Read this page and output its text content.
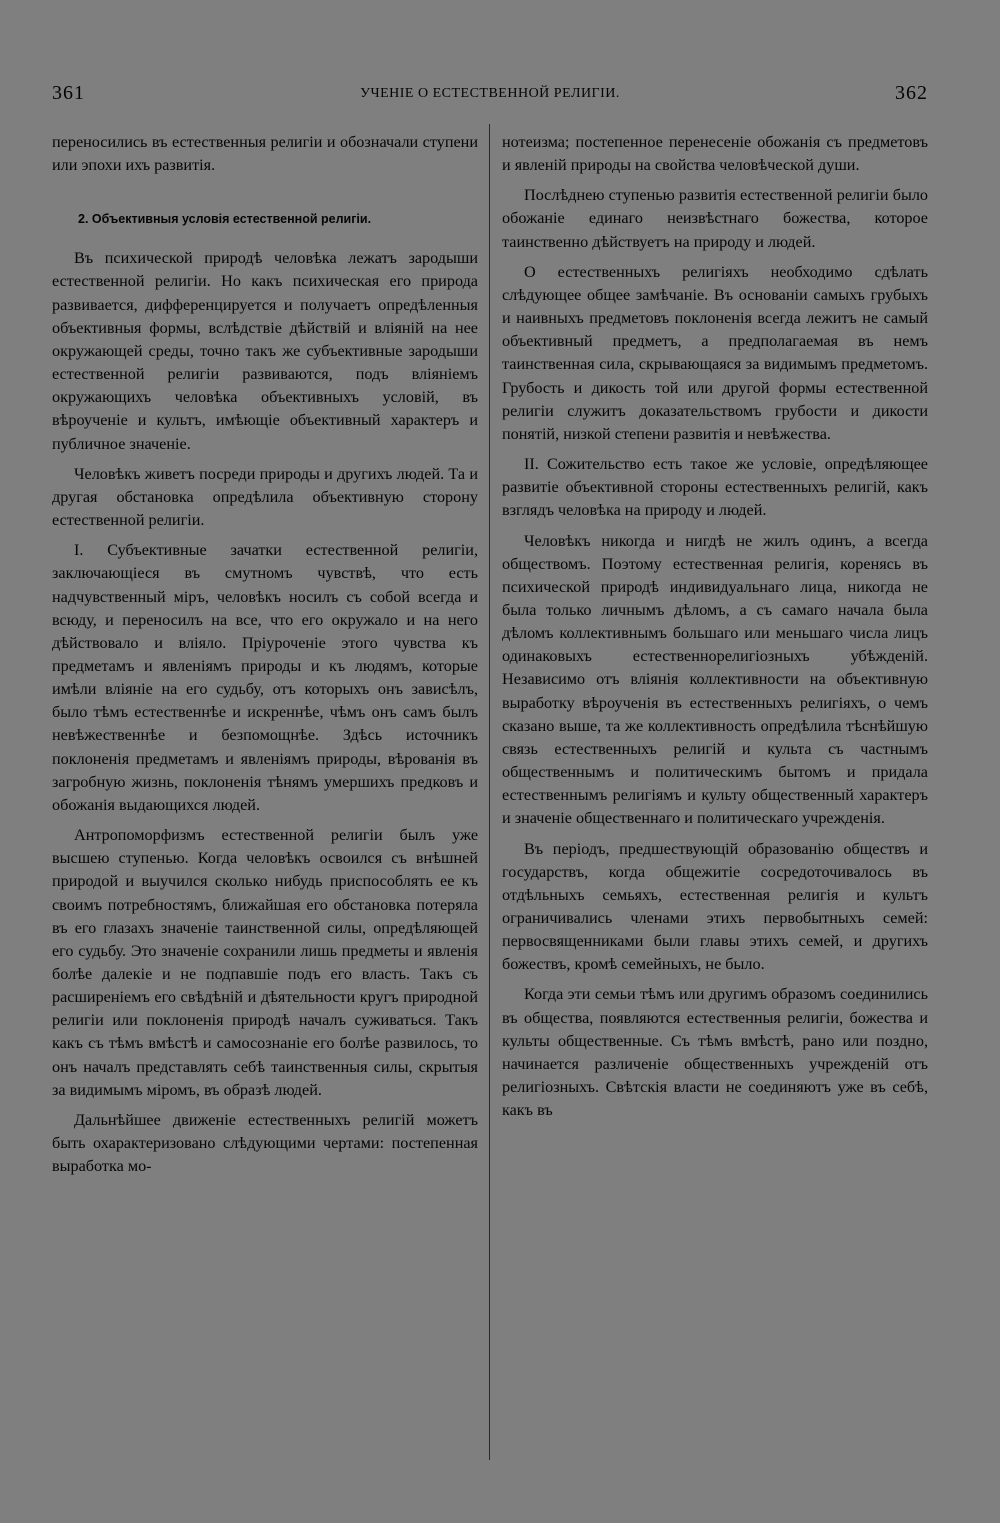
361	УЧЕНІЕ О ЕСТЕСТВЕННОЙ РЕЛИГІИ.	362

переносились въ естественныя религіи и обозначали ступени или эпохи ихъ развитія.

2. Объективныя условія естественной религіи.

Въ психической природѣ человѣка лежатъ зародыши естественной религіи. Но какъ психическая его природа развивается, дифференцируется и получаетъ опредѣленныя объективныя формы, вслѣдствіе дѣйствій и вліяній на нее окружающей среды, точно такъ же субъективные зародыши естественной религіи развиваются, подъ вліяніемъ окружающихъ человѣка объективныхъ условій, въ вѣроученіе и культъ, имѣющіе объективный характеръ и публичное значеніе.

Человѣкъ живетъ посреди природы и другихъ людей. Та и другая обстановка опредѣлила объективную сторону естественной религіи.

I. Субъективные зачатки естественной религіи, заключающіеся въ смутномъ чувствѣ, что есть надчувственный міръ, человѣкъ носилъ съ собой всегда и всюду, и переносилъ на все, что его окружало и на него дѣйствовало и вліяло. Пріуроченіе этого чувства къ предметамъ и явленіямъ природы и къ людямъ, которые имѣли вліяніе на его судьбу, отъ которыхъ онъ зависѣлъ, было тѣмъ естественнѣе и искреннѣе, чѣмъ онъ самъ былъ невѣжественнѣе и безпомощнѣе. Здѣсь источникъ поклоненія предметамъ и явленіямъ природы, вѣрованія въ загробную жизнь, поклоненія тѣнямъ умершихъ предковъ и обожанія выдающихся людей.

Антропоморфизмъ естественной религіи былъ уже высшею ступенью. Когда человѣкъ освоился съ внѣшней природой и выучился сколько нибудь приспособлять ее къ своимъ потребностямъ, ближайшая его обстановка потеряла въ его глазахъ значеніе таинственной силы, опредѣляющей его судьбу. Это значеніе сохранили лишь предметы и явленія болѣе далекіе и не подпавшіе подъ его власть. Такъ съ расширеніемъ его свѣдѣній и дѣятельности кругъ природной религіи или поклоненія природѣ началъ суживаться. Такъ какъ съ тѣмъ вмѣстѣ и самосознаніе его болѣе развилось, то онъ началъ представлять себѣ таинственныя силы, скрытыя за видимымъ міромъ, въ образѣ людей.

Дальнѣйшее движеніе естественныхъ религій можетъ быть охарактеризовано слѣдующими чертами: постепенная выработка мо-

нотеизма; постепенное перенесеніе обожанія съ предметовъ и явленій природы на свойства человѣческой души.

Послѣднею ступенью развитія естественной религіи было обожаніе единаго неизвѣстнаго божества, которое таинственно дѣйствуетъ на природу и людей.

О естественныхъ религіяхъ необходимо сдѣлать слѣдующее общее замѣчаніе. Въ основаніи самыхъ грубыхъ и наивныхъ предметовъ поклоненія всегда лежитъ не самый объективный предметъ, а предполагаемая въ немъ таинственная сила, скрывающаяся за видимымъ предметомъ. Грубость и дикость той или другой формы естественной религіи служитъ доказательствомъ грубости и дикости понятій, низкой степени развитія и невѣжества.

II. Сожительство есть такое же условіе, опредѣляющее развитіе объективной стороны естественныхъ религій, какъ взглядъ человѣка на природу и людей.

Человѣкъ никогда и нигдѣ не жилъ одинъ, а всегда обществомъ. Поэтому естественная религія, коренясь въ психической природѣ индивидуальнаго лица, никогда не была только личнымъ дѣломъ, а съ самаго начала была дѣломъ коллективнымъ большаго или меньшаго числа лицъ одинаковыхъ естественнорелигіозныхъ убѣжденій. Независимо отъ вліянія коллективности на объективную выработку вѣроученія въ естественныхъ религіяхъ, о чемъ сказано выше, та же коллективность опредѣлила тѣснѣйшую связь естественныхъ религій и культа съ частнымъ общественнымъ и политическимъ бытомъ и придала естественнымъ религіямъ и культу общественный характеръ и значеніе общественнаго и политическаго учрежденія.

Въ періодъ, предшествующій образованію обществъ и государствъ, когда общежитіе сосредоточивалось въ отдѣльныхъ семьяхъ, естественная религія и культъ ограничивались членами этихъ первобытныхъ семей: первосвященниками были главы этихъ семей, и другихъ божествъ, кромѣ семейныхъ, не было.

Когда эти семьи тѣмъ или другимъ образомъ соединились въ общества, появляются естественныя религіи, божества и культы общественные. Съ тѣмъ вмѣстѣ, рано или поздно, начинается различеніе общественныхъ учрежденій отъ религіозныхъ. Свѣтскія власти не соединяютъ уже въ себѣ, какъ въ
